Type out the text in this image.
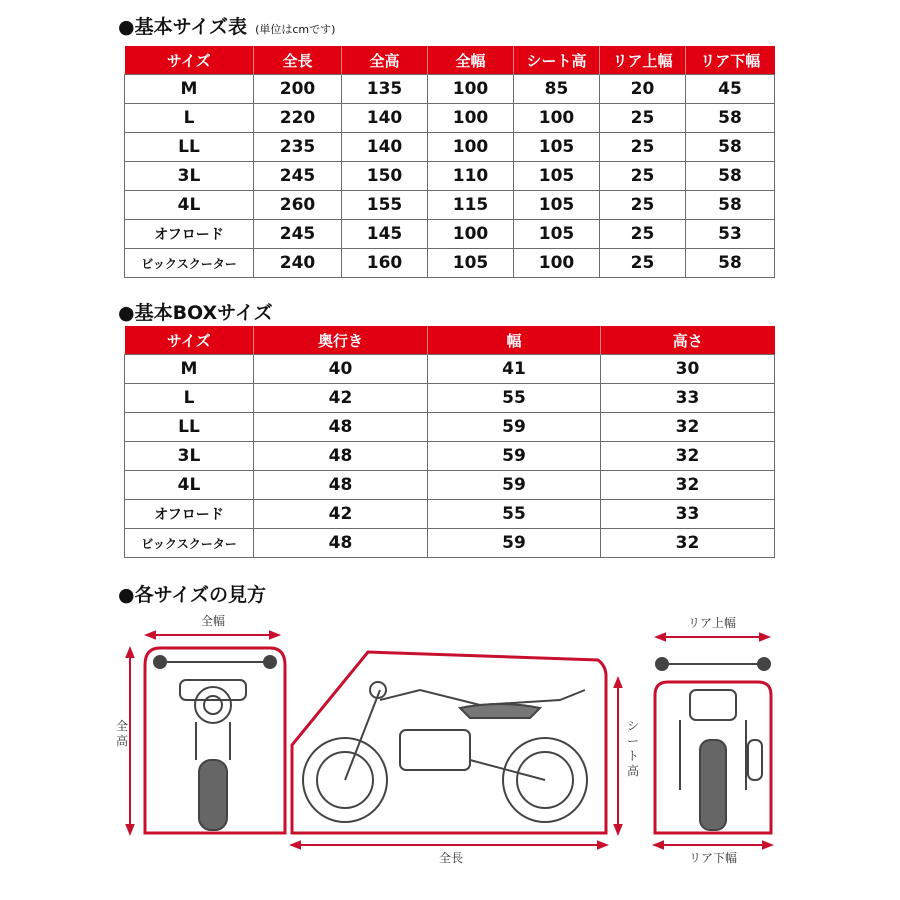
●基本サイズ表 (単位はcmです)
サイズ	全長	全高	全幅	シート高	リア上幅	リア下幅
M	200	135	100	85	20	45
L	220	140	100	100	25	58
LL	235	140	100	105	25	58
3L	245	150	110	105	25	58
4L	260	155	115	105	25	58
オフロード	245	145	100	105	25	53
ビックスクーター	240	160	105	100	25	58
●基本BOXサイズ
サイズ	奥行き	幅	高さ
M	40	41	30
L	42	55	33
LL	48	59	32
3L	48	59	32
4L	48	59	32
オフロード	42	55	33
ビックスクーター	48	59	32
●各サイズの見方
全幅
全高
全長
シート高
リア上幅
リア下幅
